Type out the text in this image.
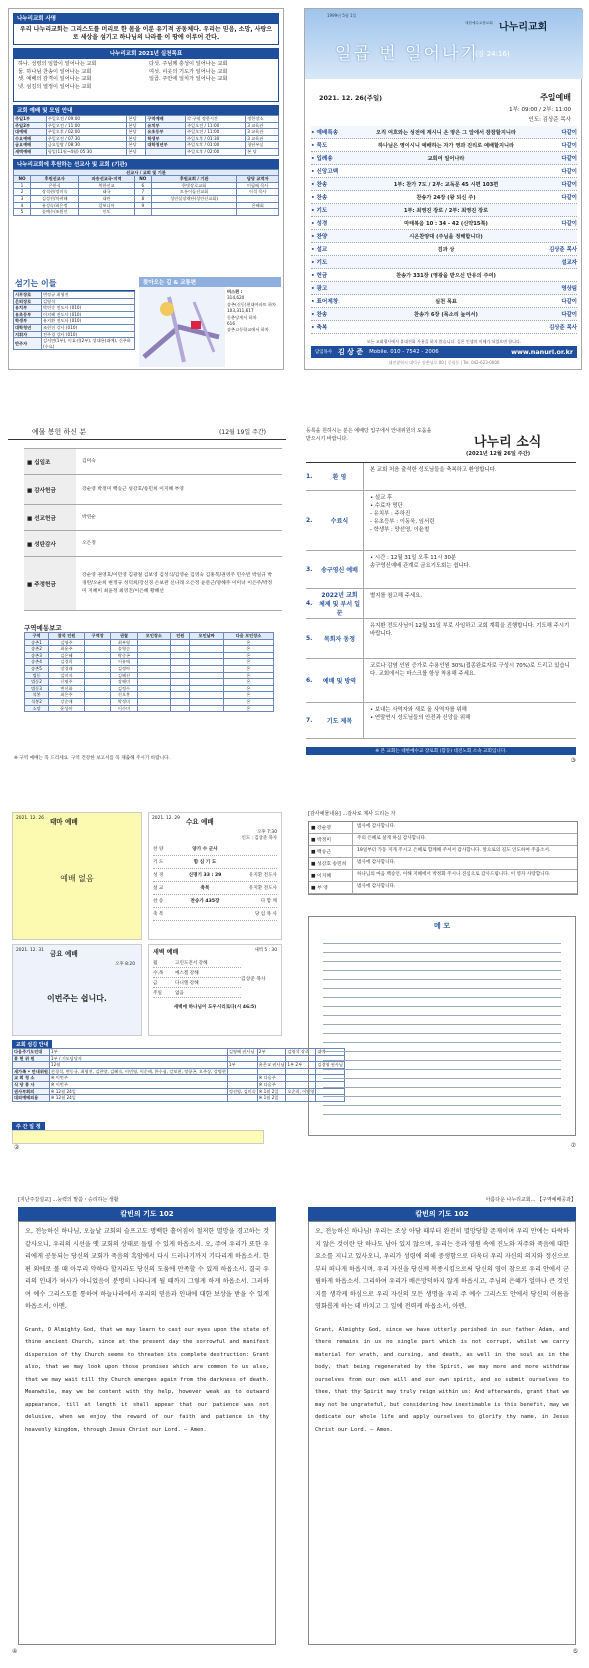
나누리교회 사명
우리 나누리교회는 그리스도를 머리로 한 몸을 이룬 유기적 공동체다. 우리는 믿음, 소망, 사랑으로 세상을 섬기고 하나님의 나라를 이 땅에 이루어 간다.
나누리교회 2021년 실천목표
하나. 성령의 임함이 일어나는 교회
둘. 하나님 찬송이 일어나는 교회
셋. 예배의 감격이 일어나는 교회
넷. 섬김의 열정이 일어나는 교회
다섯. 주님께 충성이 일어나는 교회
여섯. 이웃의 기도가 일어나는 교회
일곱. 주안에 일치가 일어나는 교회
교회 예배 및 모임 안내
주일1부	주일오전 / 09:00	본당	구역예배	각 구역 정한시간	정한장소
주일2부	주일오전 / 11:00	본당	유치부	주일오전 / 11:00	3 교육관
대예배	주일오후 / 02:00	본당	유초등부	주일오전 / 11:00	3 교육관
수요예배	주일오전 / 07:30	본당	학생부	주일오후 / 01:30	3 교육관
금요예배	금요일밤 / 08:30	본당	대학청년부	주일오후 / 01:00	청년부실
새벽예배	평일(11월~4월) 05:30	본당		주일오후 / 02:00	본 당
나누리교회에 후원하는 선교사 및 교회 (기관)
선교사 / 교회 및 기관					
NO	후원선교사	파송선교국·지역	NO	후원교회 / 기관	담당 교역자
1	은한식	북한선교	6	한빛장로교회	이필배 목사
2	장석현/정미숙	태국	7	모통이돌선교회	이석 목사
3	김성진/차귀해	대만	8	성안실장재단(성안선교회)	
4	유성숙/최은정	캄보디아	9		은혜회
5	송예수/조원인	인도			
섬기는 이들
시무장로	변정규 최영진
은퇴장로	김영석
유치부	박연순 전도사 (010)
유초등부	이지혜 전도사 (010)
학생부	유지환 전도사 (010)
대학청년	조현진 강사 (010)
지휘자	전주경 강사 (010)
반주자	김서연(1부), 이효선(2부), 성대용(대예), 신주하(수요)
찾아오는 길 & 교통편
버스편 :
314,620
송촌(신동)현대아파트 하차
103,311,617
동춘당계서 하차
616
송촌고등학교에서 하차
1999년 5월 1일
대한예수교장로회 나누리교회
일곱 번 일어나기
(잠 24:16)
2021. 12. 26(주일)	주일예배
1부: 09:00 / 2부: 11:00
인도: 김상준 목사
• 예배특송	오직 여호와는 성전에 계시니 온 땅은 그 앞에서 잠잠할지니라	다같이
• 묵도	하나님은 영이시니 예배하는 자가 영과 진리로 예배할지니라	다같이
• 입례송	교회여 일어나라	다같이
• 신앙고백	다같이
• 찬송	1부: 찬가 7도 / 2부: 교독문 45 시편 103편	다같이
• 찬송	찬송가 24장 (왕 되신 주)	다같이
• 기도	1부: 최영진 장로 / 2부: 최영진 장로
• 성경	마태복음 10 : 34 - 42 (신약15쪽)	다같이
• 찬양	시온찬양대 (주님을 정해합니다)
• 설교	검과 상	김상준 목사
• 기도	설교자
• 헌금	찬송가 331장 (영광을 받으신 만유의 주여)
• 광고	영상팀
• 표어제창	실천 목표	다같이
• 찬송	찬송가 6장 (목소리 높여서)	다같이
• 축복	김상준 목사
모든 교회행사에서 휴대전화 사용을 하지 않습니다. 깊은 인생의 이해가 되었으면 합니다.
담임목사 김 상 준 Mobile. 010 - 7542 - 2006	www.nanuri.or.kr
대전광역시 대덕구 송촌남로 00 | 중리동 | Tel. 042-623-0000
예물 봉헌 하신 분	(12월 19일 주간)
■ 십일조	김미숙
■ 감사헌금	강순영 박정미 백승근 성강호/송민희 이지혜 부영
■ 선교헌금	박연순
■ 성탄감사	오은정
■ 주정헌금
강순영 권영호/이민영 김광철 김보영 김성식/김영순 김영숙 김홍복/권영주 민수빈 박일규 박경란/오순희 변정규 성덕희/강신경 손보관 신나래 오은정 윤문근/양혜주 이미녀 이은주/박정미 지혜미 최윤정 최영진/이은혜 황혜선
구역예동보고
구역	참석 인원	구역장	권찰	모인장소	인원	모인날짜	다음 모인장소
송촌1	김영주		최부영				온
송촌2	최윤주		송영순				온
송촌3	김은혜		박중곤				온
송촌4	김경희		이유매				온
송촌5	장경래		김정아				온
법동	김미자		김혜선				온
법동2	신명주		장해미				온
법동3	변선화		김정수				온
석봉	최은주		진오봉				온
석봉2	강순애		박정미				온
소망	윤성아		이수미				온
※ 구역 예배는 꼭 드리세요. 구역 건강한 보고서를 꼭 제출해 주시기 바랍니다.
등록을 원하시는 분은 예배당 입구에서 안내위원의 도움을 받으시기 바랍니다.	나누리 소식
(2021년 12월 26일 주간)
1.	환 영
본 교회 처음 출석한 성도님들을 축복하고 환영합니다.
2.	수료식
• 설교 후
• 수료자 명단
- 유치부 : 주하진
- 유초등부 : 이동욱, 임서린
- 학생부 : 양선영, 이윤철
3.	송구영신 예배
• 시간 : 12월 31일 오후 11시 30분
송구영신예배 관계로 금요기도회는 쉽니다.
4.
2022년 교회 체제 및 부서 일꾼
별지를 참고해 주세요.
5.	목회자 동정
유지환 전도사님이 12월 31일 부로 사임하고 교회 계획을 진행합니다. 기도해 주시기 바랍니다.
6.	예배 및 방역
코로나 감염 인원 증가로 수용인원 30%(접종완료자로 구성시 70%)로 드리고 있습니다. 교회에서는 마스크를 항상 착용해 주세요.
7.	기도 제목
• 보내는 사역자와 새로 올 사역자를 위해
• 연말연시 성도님들의 안전과 신앙을 위해
※ 본 교회는 대한예수교 장로회 (합동) 대전노회 소속 교회입니다.
③
2021. 12. 26 태마 예배
예배 없음
2021. 12. 29 수요 예배
오후 7:30
인도 : 김상준 목사
찬 양	양가 수 군사
기 도	함 심 기 도
성 경	신명기 33 : 29	유지환 전도사
설 교	축복	유지환 전도사
찬 송	찬송가 435장	다 함 께
축 복	당 임 목 사
2021. 12. 31 금요 예배
오후 8:20
이번주는 쉽니다.
새벽 예배	새벽 5 : 30
월	고린도전서 강해
수,목	예스겔 강해
금	다니엘 강해
주일	없음
김상준 목사
새벽에 하나님이 도우시리로다(시 46:5)
교회 섬김 안내
다음주기도인대	1부	김영혜 권사님	2부	김영석 장로	대예
봉 헌 위 원	1부 / 기도담당자				
	12월	1부	윤은교 권사님	1부 2부	김경영 권사님
새가족 • 안내위원	손경석, 변동규, 최영진, 김찬양, 김혜숙, 이민영, 이순애, 한수심, 강보현, 정항곤, 오주상, 강병현				
교 회 청 소	※ 이번주		※ 다음주		
식 당 봉 사	※ 이번주		※ 다음주		
권사부회의	※ 12월 24일	정선영, 김미숙	※ 1월 2일	오순희, 이민영	
대외예배외용	※ 12월 24일		※ 1월 2일		
주 간 일 정
②
[감사예물내용] ...감사로 제사 드리는 자
■ 강순영	범사에 감사합니다.
■ 박정미	주의 은혜로 살게 하심 감사합니다.
■ 백승근	19일부터 가동 지게 주시고 은혜로 함께해 주셔서 감사합니다. 앞으로의 길도 인도하여 주옵소서.
■ 성강호 송민희	범사에 감사합니다.
■ 이지혜	하나님의 마음 백승언, 이해 지혜에서 박정화 주시니 진심으로 감사드립니다. 이 영자 사랑합니다.
■ 부 영	범사에 감사합니다.
메 모
⑦
[지난주강설교] ...능력의 말씀・승리하는 생활
칼빈의 기도 102
오, 전능하신 하나님, 오늘날 교회의 슬프고도 명백한 흩어짐이 철저한 멸망을 경고하는 것 같사오니, 우리의 시선을 옛 교회의 상태로 돌릴 수 있게 하옵소서. 오, 주여 우리가 또한 우리에게 공동되는 당신의 교회가 죽음의 흑암에서 다시 드러나기까지 기다리게 하옵소서. 한편 외에로 볼 때 아무리 약하다 할지라도 당신의 도움에 만족할 수 있게 하옵소서. 결국 우리의 인내가 허사가 아니었음이 분명히 나타나게 될 때까지 그렇게 하게 하옵소서. 그러하여 예수 그리스도를 통하여 하늘나라에서 우리의 믿음과 인내에 대한 보상을 받을 수 있게 하옵소서, 아멘.
Grant, O Almighty God, that we may learn to cast our eyes upon the state of thine ancient Church, since at the present day the sorrowful and manifest dispersion of thy Church seems to threaten its complete destruction: Grant also, that we may look upon those promises which are common to us also, that we may wait till thy Church emerges again from the darkness of death. Meanwhile, may we be content with thy help, however weak as to outward appearance, till at length it shall appear that our patience was not delusive, when we enjoy the reward of our faith and patience in thy heavenly kingdom, through Jesus Christ our Lord. — Amen.
④
아름다운 나누리교회... 【구역예배공과】
칼빈의 기도 102
오, 전능하신 하나님! 우리는 조상 아담 때부터 완전히 멸망당할 존재이며 우리 안에는 타락하지 않은 것이란 단 하나도 남아 있지 않으며, 우리는 응과 영원 속에 진노와 저주와 죽음에 대한 요소를 지니고 있사오니, 우리가 성령에 의해 중생함으로 더욱더 우리 자신의 의지와 정신으로부터 떠나게 하옵시며, 우리 자신을 당신께 복종시킴으로써 당신의 영이 참으로 우리 안에서 군림하게 하옵소서. 그리하여 우리가 배은망덕하지 않게 하옵시고, 주님의 은혜가 얼마나 큰 것인지를 생각케 하심으로 우리 자신의 모든 생명을 우리 주 예수 그리스도 안에서 당신의 이름을 영화롭게 하는 데 바치고 그 일에 전력케 하옵소서, 아멘.
Grant, Almighty God, since we have utterly perished in our father Adam, and there remains in us no single part which is not corrupt, whilst we carry material for wrath, and cursing, and death, as well in the soul as in the body, that being regenerated by the Spirit, we may more and more withdraw ourselves from our own will and our own spirit, and so submit ourselves to thee, that thy Spirit may truly reign within us: And afterwards, grant that we may not be ungrateful, but considering how inestimable is this benefit, may we dedicate our whole life and apply ourselves to glorify thy name, in Jesus Christ our Lord. — Amen.
⑤
